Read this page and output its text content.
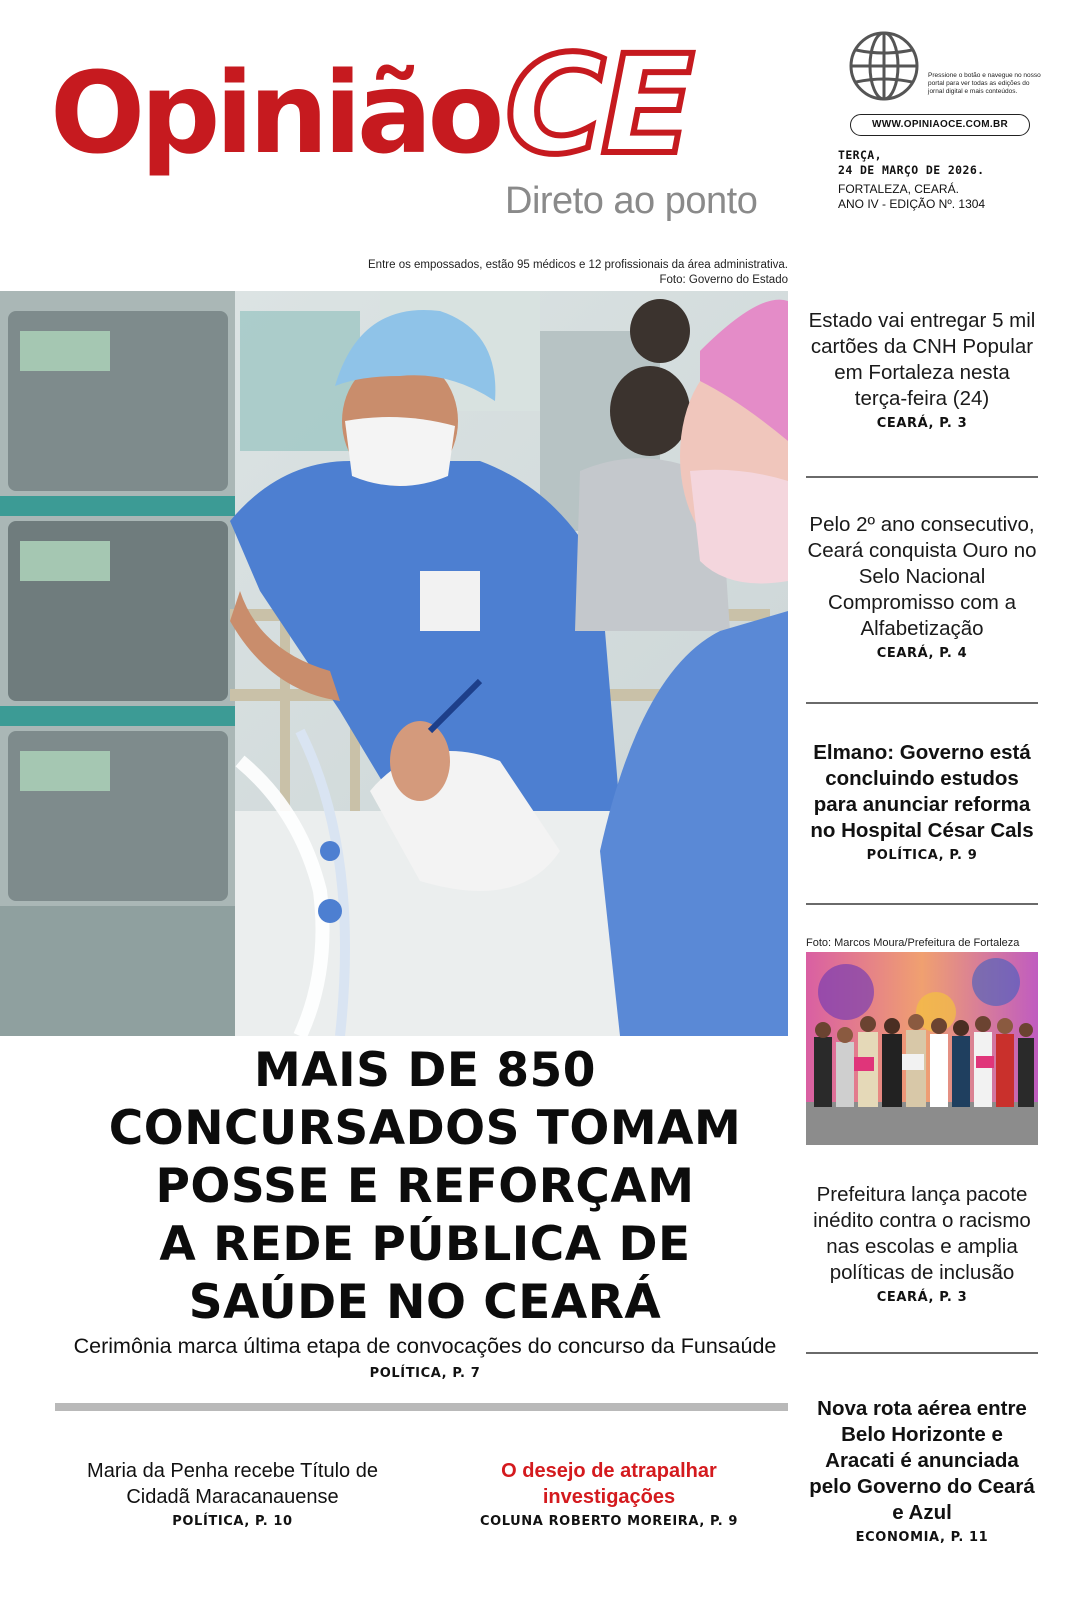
OpiniãoCE
Direto ao ponto
Pressione o botão e navegue no nosso portal para ver todas as edições do jornal digital e mais conteúdos.
WWW.OPINIAOCE.COM.BR
TERÇA,
24 DE MARÇO DE 2026.
FORTALEZA, CEARÁ.
ANO IV - EDIÇÃO Nº. 1304
Entre os empossados, estão 95 médicos e 12 profissionais da área administrativa.
Foto: Governo do Estado
MAIS DE 850
CONCURSADOS TOMAM
POSSE E REFORÇAM
A REDE PÚBLICA DE
SAÚDE NO CEARÁ
Cerimônia marca última etapa de convocações do concurso da Funsaúde
POLÍTICA, P. 7
Maria da Penha recebe Título de Cidadã Maracanauense
POLÍTICA, P. 10
O desejo de atrapalhar investigações
COLUNA ROBERTO MOREIRA, P. 9
Estado vai entregar 5 mil cartões da CNH Popular em Fortaleza nesta terça-feira (24)
CEARÁ, P. 3
Pelo 2º ano consecutivo, Ceará conquista Ouro no Selo Nacional Compromisso com a Alfabetização
CEARÁ, P. 4
Elmano: Governo está concluindo estudos para anunciar reforma no Hospital César Cals
POLÍTICA, P. 9
Foto: Marcos Moura/Prefeitura de Fortaleza
Prefeitura lança pacote inédito contra o racismo nas escolas e amplia políticas de inclusão
CEARÁ, P. 3
Nova rota aérea entre Belo Horizonte e Aracati é anunciada pelo Governo do Ceará e Azul
ECONOMIA, P. 11
